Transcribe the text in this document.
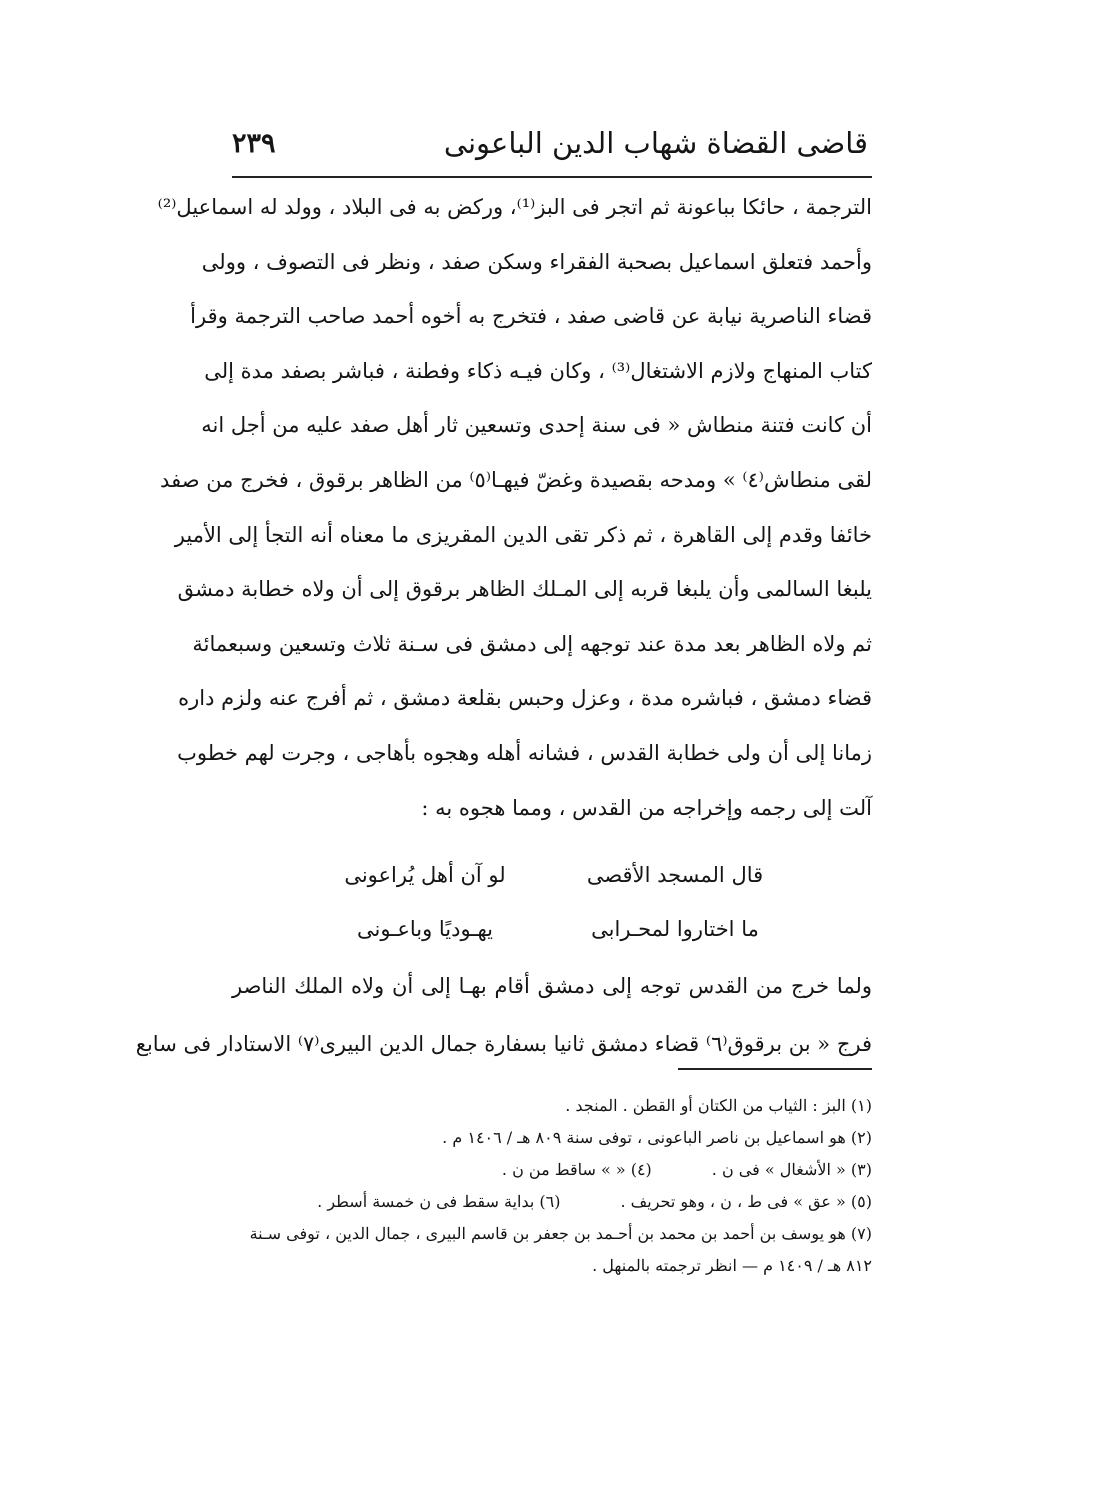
قاضى القضاة شهاب الدين الباعونى
٢٣٩
الترجمة ، حائكا بباعونة ثم اتجر فى البز⁽¹⁾، وركض به فى البلاد ، وولد له اسماعيل⁽²⁾
وأحمد فتعلق اسماعيل بصحبة الفقراء وسكن صفد ، ونظر فى التصوف ، وولى
قضاء الناصرية نيابة عن قاضى صفد ، فتخرج به أخوه أحمد صاحب الترجمة وقرأ
كتاب المنهاج ولازم الاشتغال⁽³⁾ ، وكان فيـه ذكاء وفطنة ، فباشر بصفد مدة إلى
أن كانت فتنة منطاش « فى سنة إحدى وتسعين ثار أهل صفد عليه من أجل انه
لقى منطاش⁽٤⁾ » ومدحه بقصيدة وغضّ فيهـا⁽٥⁾ من الظاهر برقوق ، فخرج من صفد
خائفا وقدم إلى القاهرة ، ثم ذكر تقى الدين المقريزى ما معناه أنه التجأ إلى الأمير
يلبغا السالمى وأن يلبغا قربه إلى المـلك الظاهر برقوق إلى أن ولاه خطابة دمشق
ثم ولاه الظاهر بعد مدة عند توجهه إلى دمشق فى سـنة ثلاث وتسعين وسبعمائة
قضاء دمشق ، فباشره مدة ، وعزل وحبس بقلعة دمشق ، ثم أفرج عنه ولزم داره
زمانا إلى أن ولى خطابة القدس ، فشانه أهله وهجوه بأهاجى ، وجرت لهم خطوب
آلت إلى رجمه وإخراجه من القدس ، ومما هجوه به :
قال المسجد الأقصى
لو آن أهل يُراعونى
ما اختاروا لمحـرابى
يهـوديًا وباعـونى
ولما خرج من القدس توجه إلى دمشق أقام بهـا إلى أن ولاه الملك الناصر
فرج « بن برقوق⁽٦⁾ قضاء دمشق ثانيا بسفارة جمال الدين البيرى⁽٧⁾ الاستادار فى سابع
(١) البز : الثياب من الكتان أو القطن . المنجد .
(٢) هو اسماعيل بن ناصر الباعونى ، توفى سنة ٨٠٩ هـ / ١٤٠٦ م .
(٣) « الأشغال » فى ن .
(٤) « » ساقط من ن .
(٥) « عق » فى ط ، ن ، وهو تحريف .
(٦) بداية سقط فى ن خمسة أسطر .
(٧) هو يوسف بن أحمد بن محمد بن أحـمد بن جعفر بن قاسم البيرى ، جمال الدين ، توفى سـنة
٨١٢ هـ / ١٤٠٩ م — انظر ترجمته بالمنهل .
